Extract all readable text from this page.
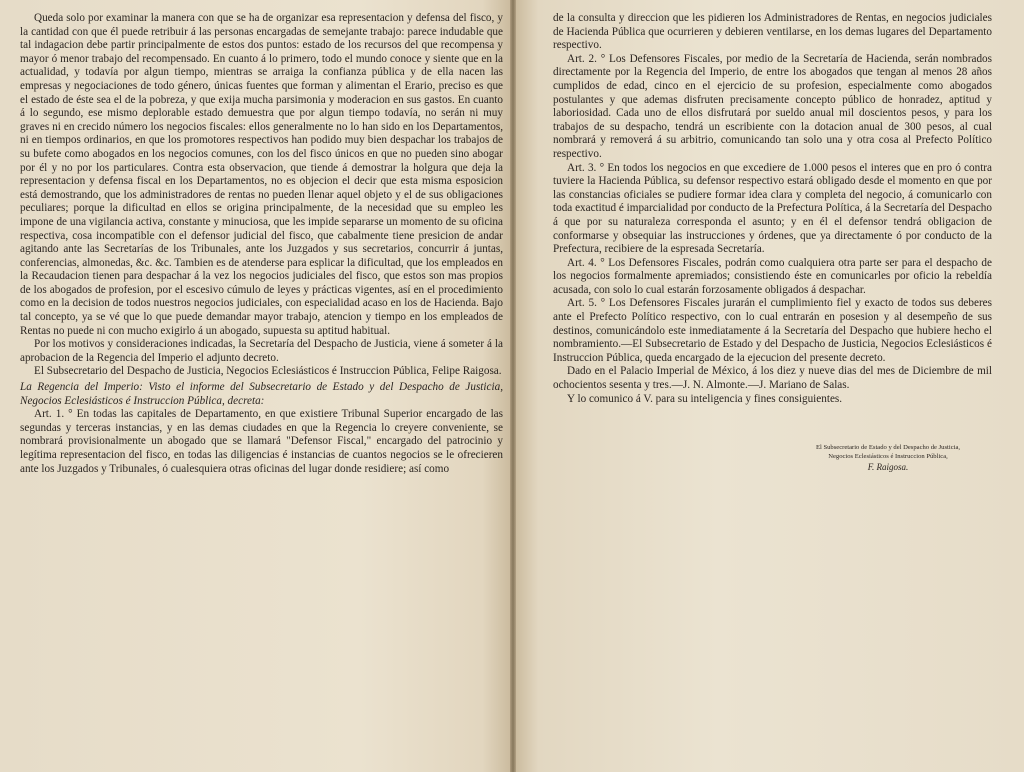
Queda solo por examinar la manera con que se ha de organizar esa representacion y defensa del fisco, y la cantidad con que él puede retribuir á las personas encargadas de semejante trabajo: parece indudable que tal indagacion debe partir principalmente de estos dos puntos: estado de los recursos del que recompensa y mayor ó menor trabajo del recompensado. En cuanto á lo primero, todo el mundo conoce y siente que en la actualidad, y todavía por algun tiempo, mientras se arraiga la confianza pública y de ella nacen las empresas y negociaciones de todo género, únicas fuentes que forman y alimentan el Erario, preciso es que el estado de éste sea el de la pobreza, y que exija mucha parsimonia y moderacion en sus gastos. En cuanto á lo segundo, ese mismo deplorable estado demuestra que por algun tiempo todavía, no serán ni muy graves ni en crecido número los negocios fiscales: ellos generalmente no lo han sido en los Departamentos, ni en tiempos ordinarios, en que los promotores respectivos han podido muy bien despachar los trabajos de su bufete como abogados en los negocios comunes, con los del fisco únicos en que no pueden sino abogar por él y no por los particulares. Contra esta observacion, que tiende á demostrar la holgura que deja la representacion y defensa fiscal en los Departamentos, no es objecion el decir que esta misma esposicion está demostrando, que los administradores de rentas no pueden llenar aquel objeto y el de sus obligaciones peculiares; porque la dificultad en ellos se origina principalmente, de la necesidad que su empleo les impone de una vigilancia activa, constante y minuciosa, que les impide separarse un momento de su oficina respectiva, cosa incompatible con el defensor judicial del fisco, que cabalmente tiene presicion de andar agitando ante las Secretarías de los Tribunales, ante los Juzgados y sus secretarios, concurrir á juntas, conferencias, almonedas, &c. &c. Tambien es de atenderse para esplicar la dificultad, que los empleados en la Recaudacion tienen para despachar á la vez los negocios judiciales del fisco, que estos son mas propios de los abogados de profesion, por el escesivo cúmulo de leyes y prácticas vigentes, así en el procedimiento como en la decision de todos nuestros negocios judiciales, con especialidad acaso en los de Hacienda. Bajo tal concepto, ya se vé que lo que puede demandar mayor trabajo, atencion y tiempo en los empleados de Rentas no puede ni con mucho exigirlo á un abogado, supuesta su aptitud habitual.

Por los motivos y consideraciones indicadas, la Secretaría del Despacho de Justicia, viene á someter á la aprobacion de la Regencia del Imperio el adjunto decreto.

El Subsecretario del Despacho de Justicia, Negocios Eclesiásticos é Instruccion Pública, Felipe Raigosa.

La Regencia del Imperio: Visto el informe del Subsecretario de Estado y del Despacho de Justicia, Negocios Eclesiásticos é Instruccion Pública, decreta:

Art. 1. ° En todas las capitales de Departamento, en que existiere Tribunal Superior encargado de las segundas y terceras instancias, y en las demas ciudades en que la Regencia lo creyere conveniente, se nombrará provisionalmente un abogado que se llamará "Defensor Fiscal," encargado del patrocinio y legítima representacion del fisco, en todas las diligencias é instancias de cuantos negocios se le ofrecieren ante los Juzgados y Tribunales, ó cualesquiera otras oficinas del lugar donde residiere; así como

de la consulta y direccion que les pidieren los Administradores de Rentas, en negocios judiciales de Hacienda Pública que ocurrieren y debieren ventilarse, en los demas lugares del Departamento respectivo.

Art. 2. ° Los Defensores Fiscales, por medio de la Secretaría de Hacienda, serán nombrados directamente por la Regencia del Imperio, de entre los abogados que tengan al menos 28 años cumplidos de edad, cinco en el ejercicio de su profesion, especialmente como abogados postulantes y que ademas disfruten precisamente concepto público de honradez, aptitud y laboriosidad. Cada uno de ellos disfrutará por sueldo anual mil doscientos pesos, y para los trabajos de su despacho, tendrá un escribiente con la dotacion anual de 300 pesos, al cual nombrará y removerá á su arbitrio, comunicando tan solo una y otra cosa al Prefecto Político respectivo.

Art. 3. ° En todos los negocios en que excediere de 1.000 pesos el interes que en pro ó contra tuviere la Hacienda Pública, su defensor respectivo estará obligado desde el momento en que por las constancias oficiales se pudiere formar idea clara y completa del negocio, á comunicarlo con toda exactitud é imparcialidad por conducto de la Prefectura Política, á la Secretaría del Despacho á que por su naturaleza corresponda el asunto; y en él el defensor tendrá obligacion de conformarse y obsequiar las instrucciones y órdenes, que ya directamente ó por conducto de la Prefectura, recibiere de la espresada Secretaría.

Art. 4. ° Los Defensores Fiscales, podrán como cualquiera otra parte ser para el despacho de los negocios formalmente apremiados; consistiendo éste en comunicarles por oficio la rebeldía acusada, con solo lo cual estarán forzosamente obligados á despachar.

Art. 5. ° Los Defensores Fiscales jurarán el cumplimiento fiel y exacto de todos sus deberes ante el Prefecto Político respectivo, con lo cual entrarán en posesion y al desempeño de sus destinos, comunicándolo este inmediatamente á la Secretaría del Despacho que hubiere hecho el nombramiento.—El Subsecretario de Estado y del Despacho de Justicia, Negocios Eclesiásticos é Instruccion Pública, queda encargado de la ejecucion del presente decreto.

Dado en el Palacio Imperial de México, á los diez y nueve dias del mes de Diciembre de mil ochocientos sesenta y tres.—J. N. Almonte.—J. Mariano de Salas.

Y lo comunico á V. para su inteligencia y fines consiguientes.

El Subsecretario de Estado y del Despacho de Justicia,
Negocios Eclesiásticos é Instruccion Pública,
F. Raigosa.
